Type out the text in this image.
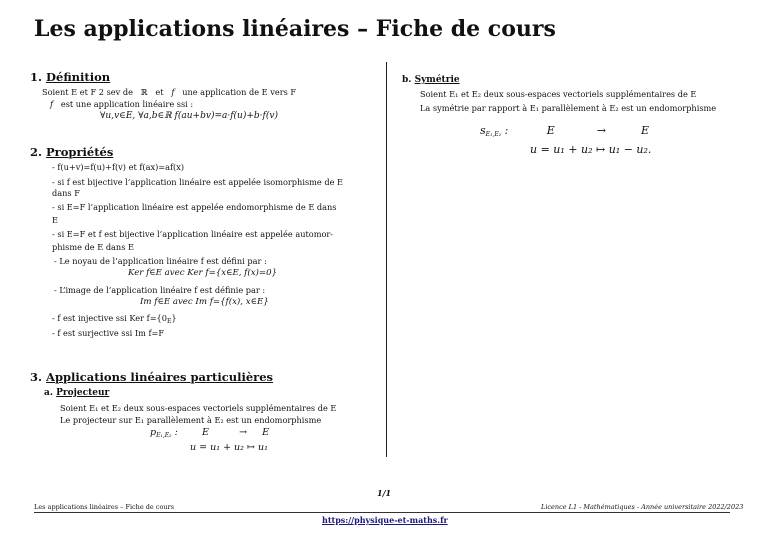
Les applications linéaires – Fiche de cours
1. Définition
Soient E et F 2 sev de ℝ et f une application de E vers F
f est une application linéaire ssi :
∀u,v∈E, ∀a,b∈ℝ f(au+bv)=a·f(u)+b·f(v)
2. Propriétés
- f(u+v)=f(u)+f(v) et f(ax)=af(x)
- si f est bijective l’application linéaire est appelée isomorphisme de E
dans F
- si E=F l’application linéaire est appelée endomorphisme de E dans
E
- si E=F et f est bijective l’application linéaire est appelée automor-
phisme de E dans E
- Le noyau de l’application linéaire f est défini par :
Ker f∈E avec Ker f={x∈E, f(x)=0}
- L’image de l’application linéaire f est définie par :
Im f∈E avec Im f={f(x), x∈E}
- f est injective ssi Ker $f=\{0_E\}$
- f est surjective ssi Im f=F
3. Applications linéaires particulières
a. Projecteur
Soient E₁ et E₂ deux sous-espaces vectoriels supplémentaires de E
Le projecteur sur E₁ parallèlement à E₂ est un endomorphisme
$p_{E_1,E_2}$ :        E          →     E
u = u₁ + u₂ ↦ u₁
b. Symétrie
Soient E₁ et E₂ deux sous-espaces vectoriels supplémentaires de E
La symétrie par rapport à E₁ parallèlement à E₂ est un endomorphisme
$s_{E_1,E_2}$ :           E            →          E
u = u₁ + u₂ ↦ u₁ − u₂.
1/1
Les applications linéaires – Fiche de cours	Licence L1 - Mathématiques - Année universitaire 2022/2023
https://physique-et-maths.fr
